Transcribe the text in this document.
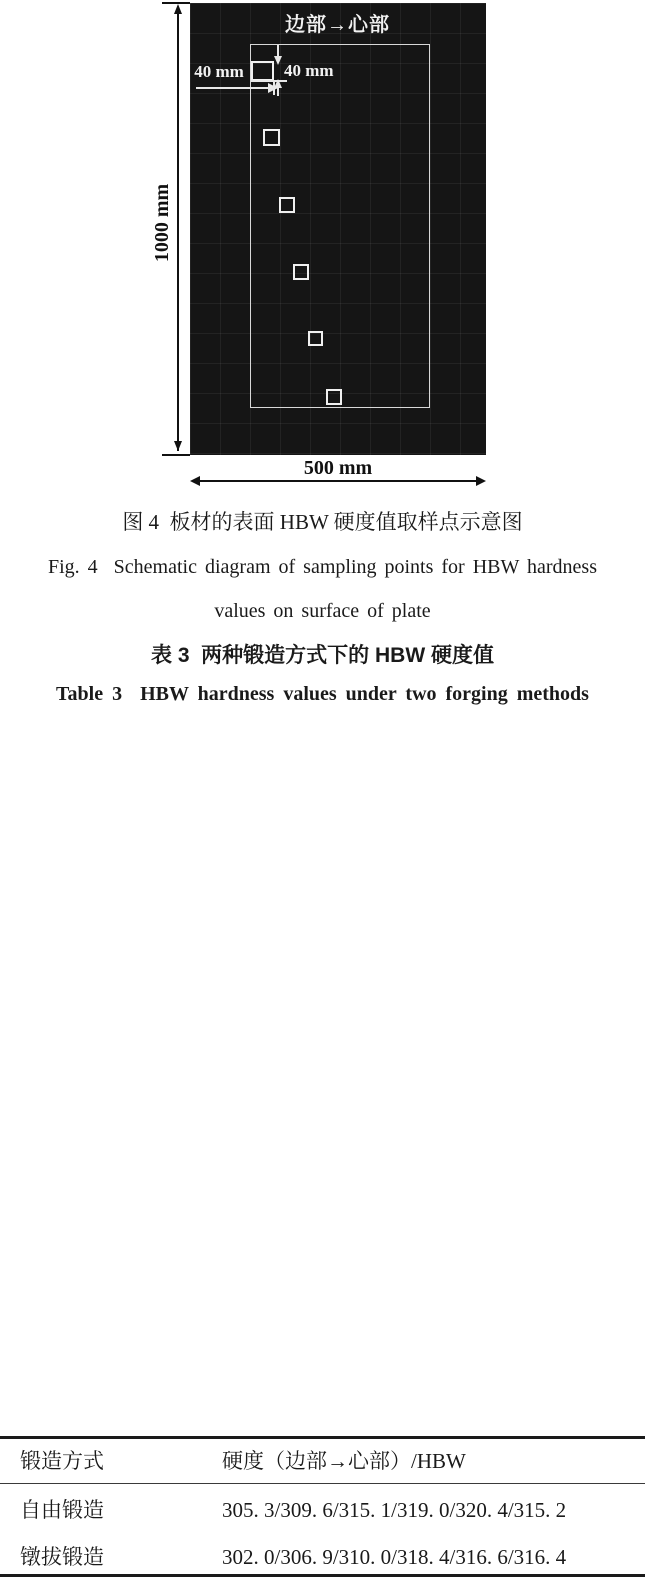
边部→心部
40 mm 40 mm
1000 mm
500 mm
图 4  板材的表面 HBW 硬度值取样点示意图
Fig. 4  Schematic diagram of sampling points for HBW hardness
values on surface of plate
表 3  两种锻造方式下的 HBW 硬度值
Table 3  HBW hardness values under two forging methods
锻造方式	硬度（边部→心部）/HBW
自由锻造	305. 3/309. 6/315. 1/319. 0/320. 4/315. 2
镦拔锻造	302. 0/306. 9/310. 0/318. 4/316. 6/316. 4
